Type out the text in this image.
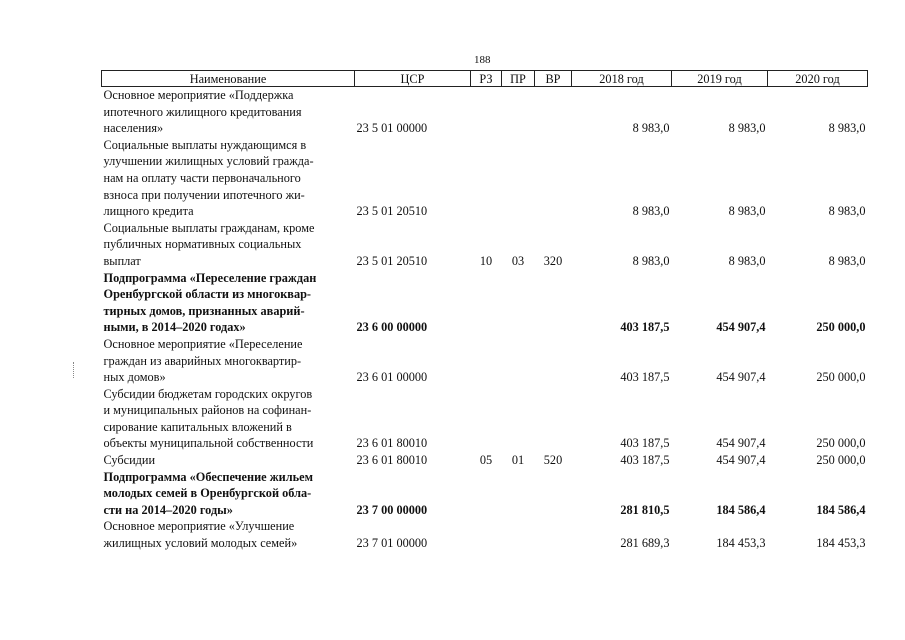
188
Наименование	ЦСР	РЗ	ПР	ВР	2018 год	2019 год	2020 год
Основное мероприятие «Поддержка
ипотечного жилищного кредитования
населения»	23 5 01 00000				8 983,0	8 983,0	8 983,0
Социальные выплаты нуждающимся в
улучшении жилищных условий гражда-
нам на оплату части первоначального
взноса при получении ипотечного жи-
лищного кредита	23 5 01 20510				8 983,0	8 983,0	8 983,0
Социальные выплаты гражданам, кроме
публичных нормативных социальных
выплат	23 5 01 20510	10	03	320	8 983,0	8 983,0	8 983,0
Подпрограмма «Переселение граждан
Оренбургской области из многоквар-
тирных домов, признанных аварий-
ными, в 2014–2020 годах»	23 6 00 00000				403 187,5	454 907,4	250 000,0
Основное мероприятие «Переселение
граждан из аварийных многоквартир-
ных домов»	23 6 01 00000				403 187,5	454 907,4	250 000,0
Субсидии бюджетам городских округов
и муниципальных районов на софинан-
сирование капитальных вложений в
объекты муниципальной собственности	23 6 01 80010				403 187,5	454 907,4	250 000,0
Субсидии	23 6 01 80010	05	01	520	403 187,5	454 907,4	250 000,0
Подпрограмма «Обеспечение жильем
молодых семей в Оренбургской обла-
сти на 2014–2020 годы»	23 7 00 00000				281 810,5	184 586,4	184 586,4
Основное мероприятие «Улучшение
жилищных условий молодых семей»	23 7 01 00000				281 689,3	184 453,3	184 453,3
